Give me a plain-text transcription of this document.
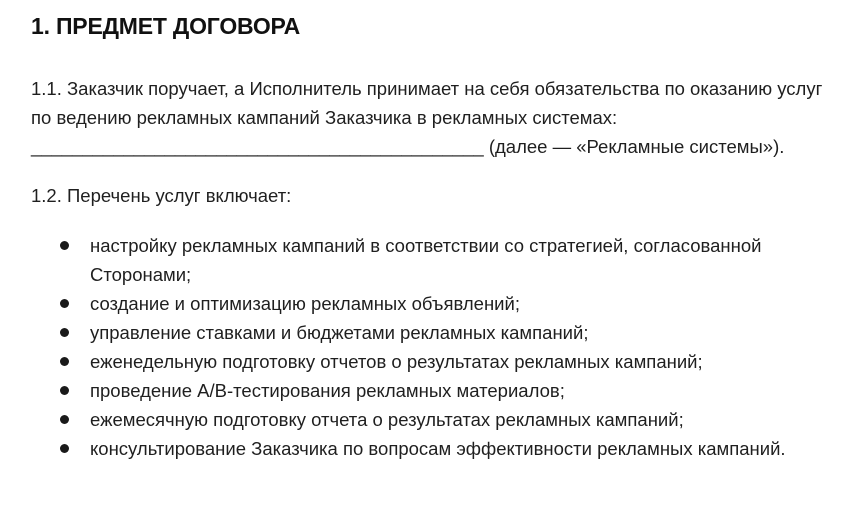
1. ПРЕДМЕТ ДОГОВОРА

1.1. Заказчик поручает, а Исполнитель принимает на себя обязательства по оказанию услуг по ведению рекламных кампаний Заказчика в рекламных системах: ____________________________________________ (далее — «Рекламные системы»).

1.2. Перечень услуг включает:

настройку рекламных кампаний в соответствии со стратегией, согласованной Сторонами;
создание и оптимизацию рекламных объявлений;
управление ставками и бюджетами рекламных кампаний;
еженедельную подготовку отчетов о результатах рекламных кампаний;
проведение A/B-тестирования рекламных материалов;
ежемесячную подготовку отчета о результатах рекламных кампаний;
консультирование Заказчика по вопросам эффективности рекламных кампаний.
